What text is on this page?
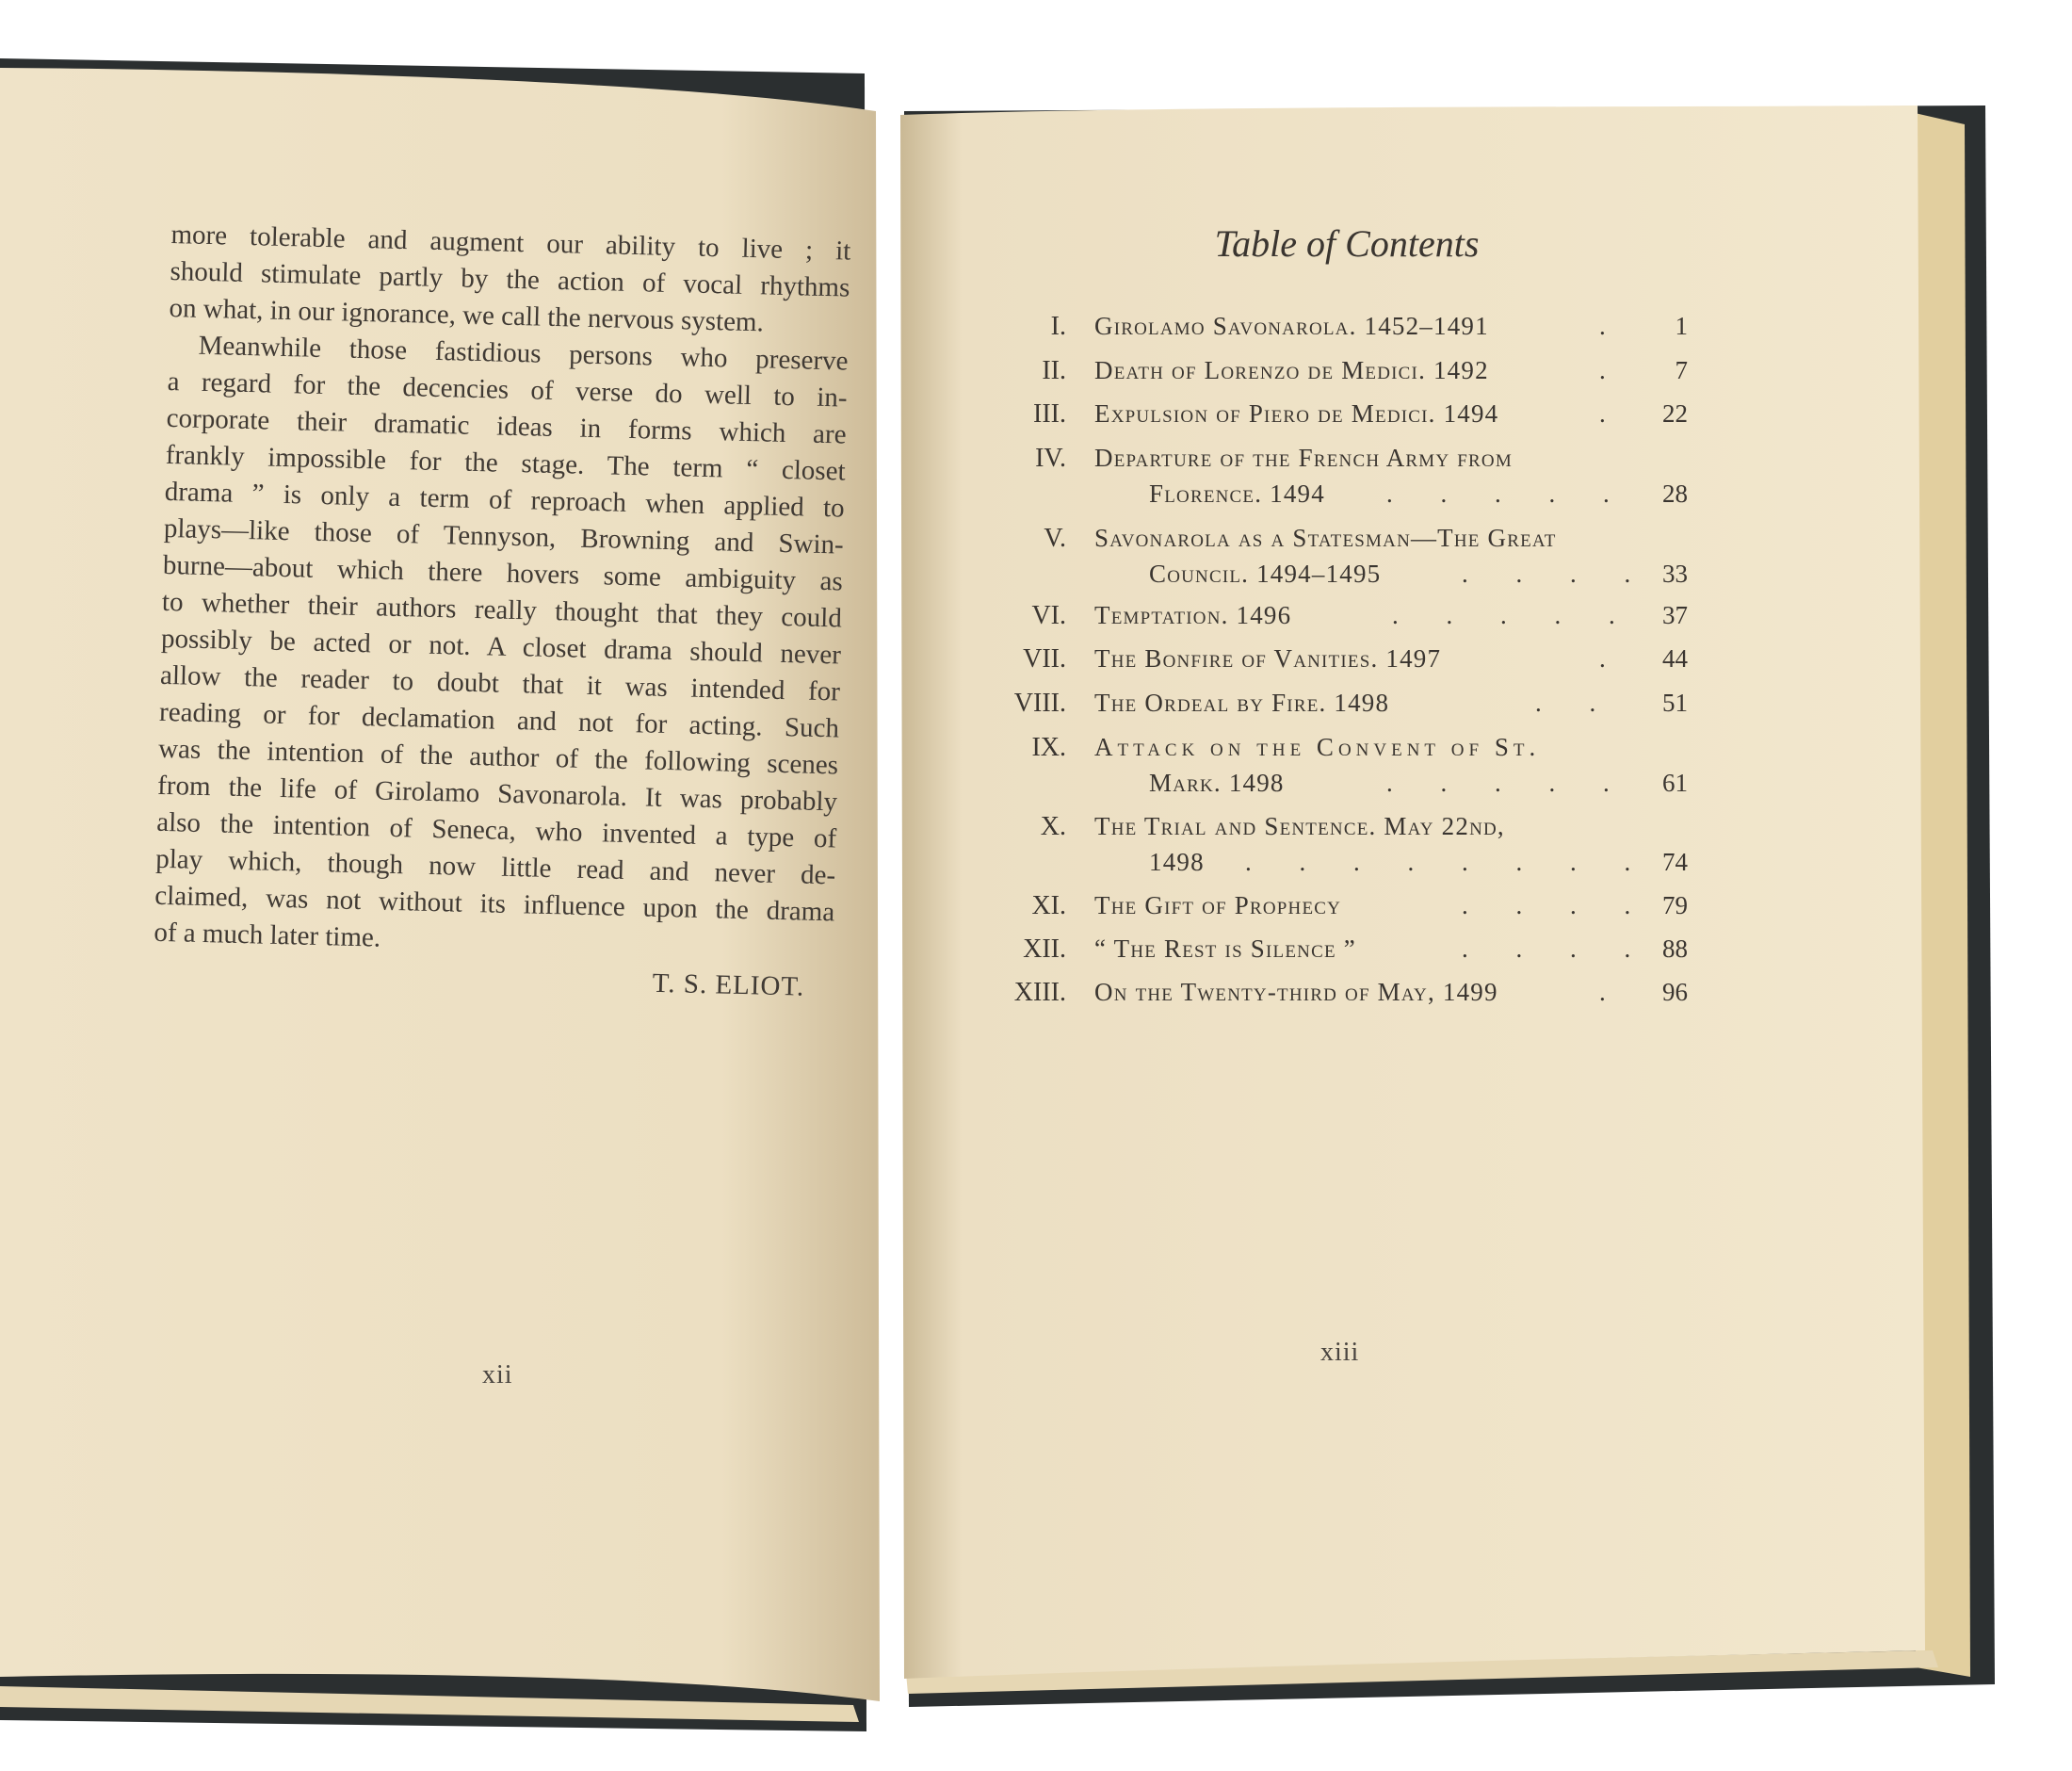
more tolerable and augment our ability to live ; it
should stimulate partly by the action of vocal rhythms
on what, in our ignorance, we call the nervous system.
Meanwhile those fastidious persons who preserve
a regard for the decencies of verse do well to in-
corporate their dramatic ideas in forms which are
frankly impossible for the stage. The term “ closet
drama ” is only a term of reproach when applied to
plays—like those of Tennyson, Browning and Swin-
burne—about which there hovers some ambiguity as
to whether their authors really thought that they could
possibly be acted or not. A closet drama should never
allow the reader to doubt that it was intended for
reading or for declamation and not for acting. Such
was the intention of the author of the following scenes
from the life of Girolamo Savonarola. It was probably
also the intention of Seneca, who invented a type of
play which, though now little read and never de-
claimed, was not without its influence upon the drama
of a much later time.
T. S. ELIOT.
xii
Table of Contents
I. Girolamo Savonarola. 1452–1491	.	1
II. Death of Lorenzo de Medici. 1492	.	7
III. Expulsion of Piero de Medici. 1494	.	22
IV. Departure of the French Army from
Florence. 1494 . . . . .	28
V. Savonarola as a Statesman—The Great
Council. 1494–1495	. . . . 33
VI. Temptation. 1496	. . . . .	37
VII. The Bonfire of Vanities. 1497	.	44
VIII. The Ordeal by Fire. 1498	. .	51
IX. Attack on the Convent of St.
Mark. 1498	. . . . .	61
X. The Trial and Sentence. May 22nd,
1498 . . . . . . . . 74
XI. The Gift of Prophecy	. . . . 79
XII. “ The Rest is Silence ”	. . . . 88
XIII. On the Twenty-third of May, 1499	.	96
xiii
